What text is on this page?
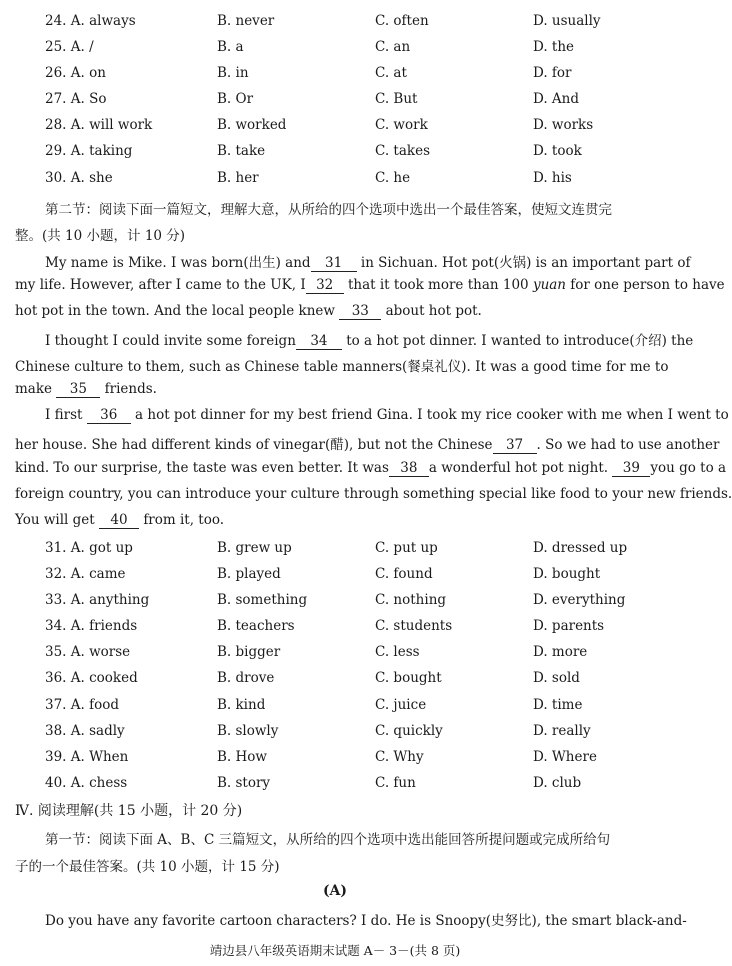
24. A. always	B. never	C. often	D. usually
25. A. /	B. a	C. an	D. the
26. A. on	B. in	C. at	D. for
27. A. So	B. Or	C. But	D. And
28. A. will work	B. worked	C. work	D. works
29. A. taking	B. take	C. takes	D. took
30. A. she	B. her	C. he	D. his
第二节：阅读下面一篇短文，理解大意，从所给的四个选项中选出一个最佳答案，使短文连贯完
整。(共 10 小题，计 10 分)
My name is Mike. I was born(出生) and 31 in Sichuan. Hot pot(火锅) is an important part of
my life. However, after I came to the UK, I 32 that it took more than 100 yuan for one person to have
hot pot in the town. And the local people knew 33 about hot pot.
I thought I could invite some foreign 34 to a hot pot dinner. I wanted to introduce(介绍) the
Chinese culture to them, such as Chinese table manners(餐桌礼仪). It was a good time for me to
make 35 friends.
I first 36 a hot pot dinner for my best friend Gina. I took my rice cooker with me when I went to
her house. She had different kinds of vinegar(醋), but not the Chinese 37 . So we had to use another
kind. To our surprise, the taste was even better. It was 38 a wonderful hot pot night. 39 you go to a
foreign country, you can introduce your culture through something special like food to your new friends.
You will get 40 from it, too.
31. A. got up	B. grew up	C. put up	D. dressed up
32. A. came	B. played	C. found	D. bought
33. A. anything	B. something	C. nothing	D. everything
34. A. friends	B. teachers	C. students	D. parents
35. A. worse	B. bigger	C. less	D. more
36. A. cooked	B. drove	C. bought	D. sold
37. A. food	B. kind	C. juice	D. time
38. A. sadly	B. slowly	C. quickly	D. really
39. A. When	B. How	C. Why	D. Where
40. A. chess	B. story	C. fun	D. club
Ⅳ. 阅读理解(共 15 小题，计 20 分)
第一节：阅读下面 A、B、C 三篇短文，从所给的四个选项中选出能回答所提问题或完成所给句
子的一个最佳答案。(共 10 小题，计 15 分)
(A)
Do you have any favorite cartoon characters? I do. He is Snoopy(史努比), the smart black-and-
靖边县八年级英语期末试题 A－ 3－(共 8 页)
